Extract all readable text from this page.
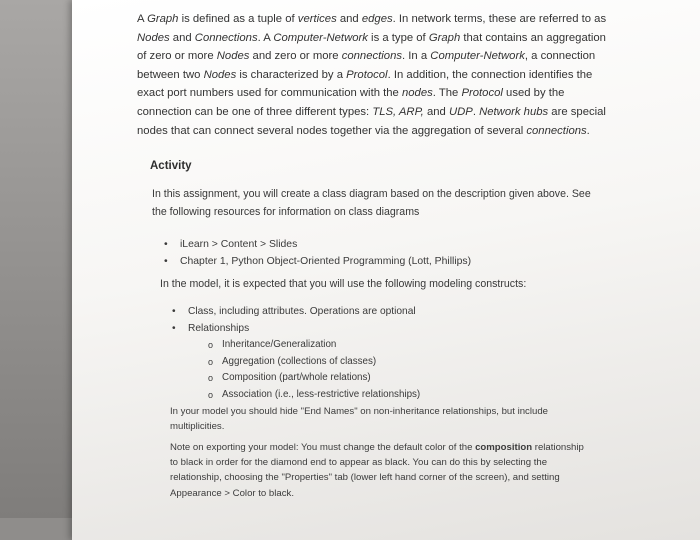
A Graph is defined as a tuple of vertices and edges. In network terms, these are referred to as Nodes and Connections. A Computer-Network is a type of Graph that contains an aggregation of zero or more Nodes and zero or more connections. In a Computer-Network, a connection between two Nodes is characterized by a Protocol. In addition, the connection identifies the exact port numbers used for communication with the nodes. The Protocol used by the connection can be one of three different types: TLS, ARP, and UDP. Network hubs are special nodes that can connect several nodes together via the aggregation of several connections.

Activity

In this assignment, you will create a class diagram based on the description given above. See the following resources for information on class diagrams

• iLearn > Content > Slides
• Chapter 1, Python Object-Oriented Programming (Lott, Phillips)

In the model, it is expected that you will use the following modeling constructs:

• Class, including attributes. Operations are optional
• Relationships
o Inheritance/Generalization
o Aggregation (collections of classes)
o Composition (part/whole relations)
o Association (i.e., less-restrictive relationships)

In your model you should hide "End Names" on non-inheritance relationships, but include multiplicities.

Note on exporting your model: You must change the default color of the composition relationship to black in order for the diamond end to appear as black. You can do this by selecting the relationship, choosing the "Properties" tab (lower left hand corner of the screen), and setting Appearance > Color to black.
